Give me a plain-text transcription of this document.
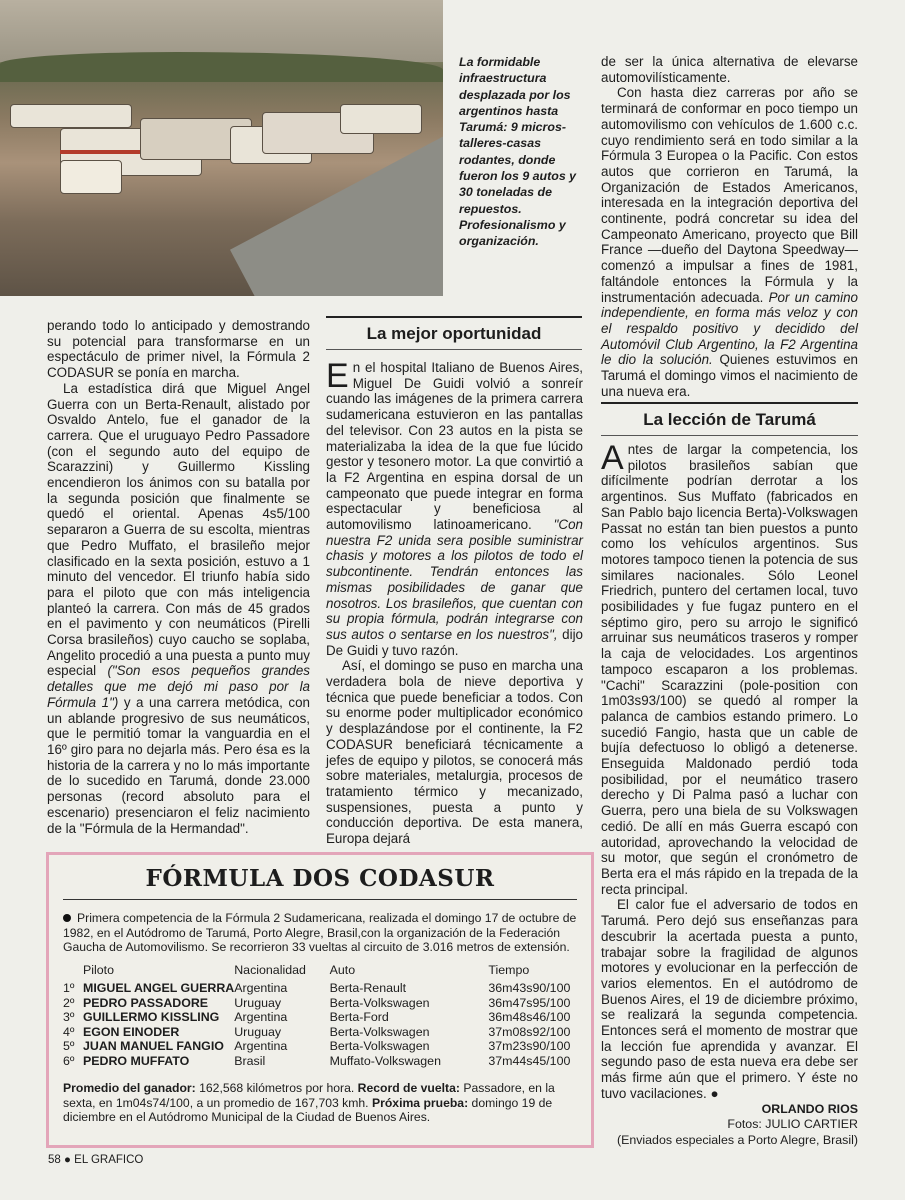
La formidable infraestructura desplazada por los argentinos hasta Tarumá: 9 micros-talleres-casas rodantes, donde fueron los 9 autos y 30 toneladas de repuestos. Profesionalismo y organización.

perando todo lo anticipado y demostrando su potencial para transformarse en un espectáculo de primer nivel, la Fórmula 2 CODASUR se ponía en marcha.

La estadística dirá que Miguel Angel Guerra con un Berta-Renault, alistado por Osvaldo Antelo, fue el ganador de la carrera. Que el uruguayo Pedro Passadore (con el segundo auto del equipo de Scarazzini) y Guillermo Kissling encendieron los ánimos con su batalla por la segunda posición que finalmente se quedó el oriental. Apenas 4s5/100 separaron a Guerra de su escolta, mientras que Pedro Muffato, el brasileño mejor clasificado en la sexta posición, estuvo a 1 minuto del vencedor. El triunfo había sido para el piloto que con más inteligencia planteó la carrera. Con más de 45 grados en el pavimento y con neumáticos (Pirelli Corsa brasileños) cuyo caucho se soplaba, Angelito procedió a una puesta a punto muy especial ("Son esos pequeños grandes detalles que me dejó mi paso por la Fórmula 1") y a una carrera metódica, con un ablande progresivo de sus neumáticos, que le permitió tomar la vanguardia en el 16º giro para no dejarla más. Pero ésa es la historia de la carrera y no lo más importante de lo sucedido en Tarumá, donde 23.000 personas (record absoluto para el escenario) presenciaron el feliz nacimiento de la "Fórmula de la Hermandad".

La mejor oportunidad

En el hospital Italiano de Buenos Aires, Miguel De Guidi volvió a sonreír cuando las imágenes de la primera carrera sudamericana estuvieron en las pantallas del televisor. Con 23 autos en la pista se materializaba la idea de la que fue lúcido gestor y tesonero motor. La que convirtió a la F2 Argentina en espina dorsal de un campeonato que puede integrar en forma espectacular y beneficiosa al automovilismo latinoamericano. "Con nuestra F2 unida sera posible suministrar chasis y motores a los pilotos de todo el subcontinente. Tendrán entonces las mismas posibilidades de ganar que nosotros. Los brasileños, que cuentan con su propia fórmula, podrán integrarse con sus autos o sentarse en los nuestros", dijo De Guidi y tuvo razón.

Así, el domingo se puso en marcha una verdadera bola de nieve deportiva y técnica que puede beneficiar a todos. Con su enorme poder multiplicador económico y desplazándose por el continente, la F2 CODASUR beneficiará técnicamente a jefes de equipo y pilotos, se conocerá más sobre materiales, metalurgia, procesos de tratamiento térmico y mecanizado, suspensiones, puesta a punto y conducción deportiva. De esta manera, Europa dejará

de ser la única alternativa de elevarse automovilísticamente.

Con hasta diez carreras por año se terminará de conformar en poco tiempo un automovilismo con vehículos de 1.600 c.c. cuyo rendimiento será en todo similar a la Fórmula 3 Europea o la Pacific. Con estos autos que corrieron en Tarumá, la Organización de Estados Americanos, interesada en la integración deportiva del continente, podrá concretar su idea del Campeonato Americano, proyecto que Bill France —dueño del Daytona Speedway— comenzó a impulsar a fines de 1981, faltándole entonces la Fórmula y la instrumentación adecuada. Por un camino independiente, en forma más veloz y con el respaldo positivo y decidido del Automóvil Club Argentino, la F2 Argentina le dio la solución. Quienes estuvimos en Tarumá el domingo vimos el nacimiento de una nueva era.

La lección de Tarumá

Antes de largar la competencia, los pilotos brasileños sabían que difícilmente podrían derrotar a los argentinos. Sus Muffato (fabricados en San Pablo bajo licencia Berta)-Volkswagen Passat no están tan bien puestos a punto como los vehículos argentinos. Sus motores tampoco tienen la potencia de sus similares nacionales. Sólo Leonel Friedrich, puntero del certamen local, tuvo posibilidades y fue fugaz puntero en el séptimo giro, pero su arrojo le significó arruinar sus neumáticos traseros y romper la caja de velocidades. Los argentinos tampoco escaparon a los problemas. "Cachi" Scarazzini (pole-position con 1m03s93/100) se quedó al romper la palanca de cambios estando primero. Lo sucedió Fangio, hasta que un cable de bujía defectuoso lo obligó a detenerse. Enseguida Maldonado perdió toda posibilidad, por el neumático trasero derecho y Di Palma pasó a luchar con Guerra, pero una biela de su Volkswagen cedió. De allí en más Guerra escapó con autoridad, aprovechando la velocidad de su motor, que según el cronómetro de Berta era el más rápido en la trepada de la recta principal.

El calor fue el adversario de todos en Tarumá. Pero dejó sus enseñanzas para descubrir la acertada puesta a punto, trabajar sobre la fragilidad de algunos motores y evolucionar en la perfección de varios elementos. En el autódromo de Buenos Aires, el 19 de diciembre próximo, se realizará la segunda competencia. Entonces será el momento de mostrar que la lección fue aprendida y avanzar. El segundo paso de esta nueva era debe ser más firme aún que el primero. Y éste no tuvo vacilaciones. ●

ORLANDO RIOS

Fotos: JULIO CARTIER

(Enviados especiales a Porto Alegre, Brasil)

FÓRMULA DOS CODASUR
Primera competencia de la Fórmula 2 Sudamericana, realizada el domingo 17 de octubre de 1982, en el Autódromo de Tarumá, Porto Alegre, Brasil,con la organización de la Federación Gaucha de Automovilismo. Se recorrieron 33 vueltas al circuito de 3.016 metros de extensión.
Piloto	Nacionalidad	Auto	Tiempo
1º MIGUEL ANGEL GUERRA	Argentina	Berta-Renault	36m43s90/100
2º PEDRO PASSADORE	Uruguay	Berta-Volkswagen	36m47s95/100
3º GUILLERMO KISSLING	Argentina	Berta-Ford	36m48s46/100
4º EGON EINODER	Uruguay	Berta-Volkswagen	37m08s92/100
5º JUAN MANUEL FANGIO	Argentina	Berta-Volkswagen	37m23s90/100
6º PEDRO MUFFATO	Brasil	Muffato-Volkswagen	37m44s45/100
Promedio del ganador: 162,568 kilómetros por hora. Record de vuelta: Passadore, en la sexta, en 1m04s74/100, a un promedio de 167,703 kmh. Próxima prueba: domingo 19 de diciembre en el Autódromo Municipal de la Ciudad de Buenos Aires.
58 ● EL GRAFICO
